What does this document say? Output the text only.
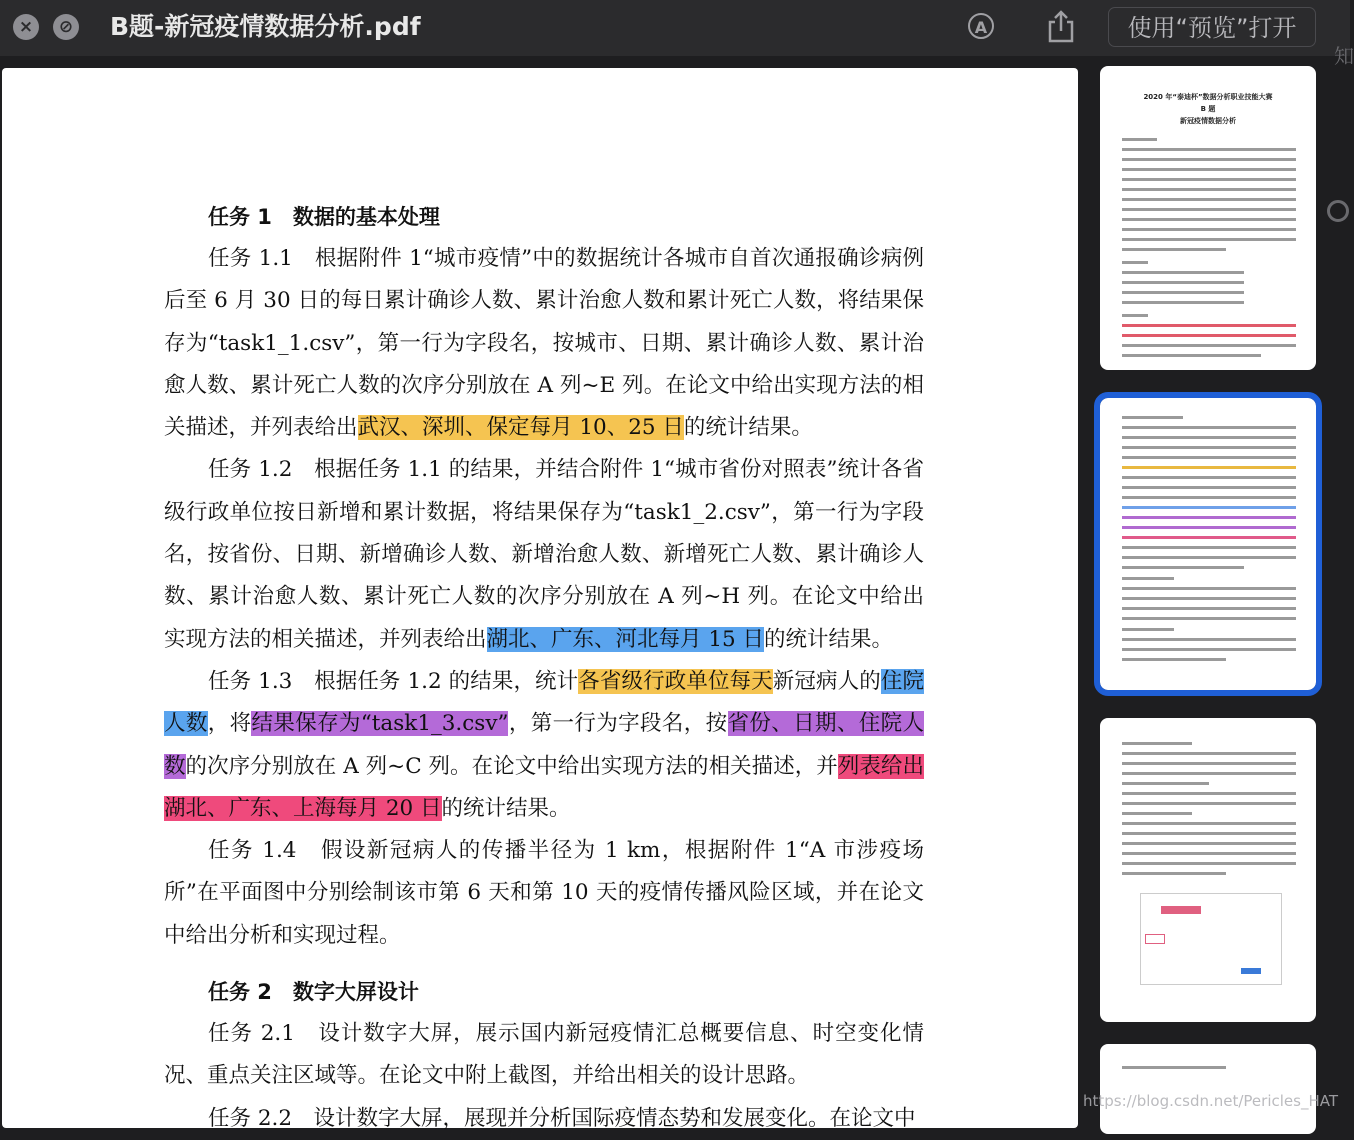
×	⊘ B题-新冠疫情数据分析.pdf	A	使用“预览”打开
知
任务 1　数据的基本处理

任务 1.1　 根据附件 1“城市疫情”中的数据统计各城市自首次通报确诊病例后至 6 月 30 日的每日累计确诊人数、累计治愈人数和累计死亡人数，将结果保存为“task1_1.csv”，第一行为字段名，按城市、日期、累计确诊人数、累计治愈人数、累计死亡人数的次序分别放在 A 列~E 列。在论文中给出实现方法的相关描述，并列表给出武汉、深圳、保定每月 10、25 日的统计结果。

任务 1.2　 根据任务 1.1 的结果，并结合附件 1“城市省份对照表”统计各省级行政单位按日新增和累计数据，将结果保存为“task1_2.csv”，第一行为字段名，按省份、日期、新增确诊人数、新增治愈人数、新增死亡人数、累计确诊人数、累计治愈人数、累计死亡人数的次序分别放在 A 列~H 列。在论文中给出实现方法的相关描述，并列表给出湖北、广东、河北每月 15 日的统计结果。

任务 1.3　 根据任务 1.2 的结果，统计各省级行政单位每天新冠病人的住院人数，将结果保存为“task1_3.csv”，第一行为字段名，按省份、日期、住院人数的次序分别放在 A 列~C 列。在论文中给出实现方法的相关描述，并列表给出湖北、广东、上海每月 20 日的统计结果。

任务 1.4　 假设新冠病人的传播半径为 1 km，根据附件 1“A 市涉疫场所”在平面图中分别绘制该市第 6 天和第 10 天的疫情传播风险区域，并在论文中给出分析和实现过程。

任务 2　数字大屏设计

任务 2.1　 设计数字大屏，展示国内新冠疫情汇总概要信息、时空变化情况、重点关注区域等。在论文中附上截图，并给出相关的设计思路。

任务 2.2　 设计数字大屏，展现并分析国际疫情态势和发展变化。在论文中

2020 年“泰迪杯”数据分析职业技能大赛
B 题
新冠疫情数据分析
https://blog.csdn.net/Pericles_HAT
